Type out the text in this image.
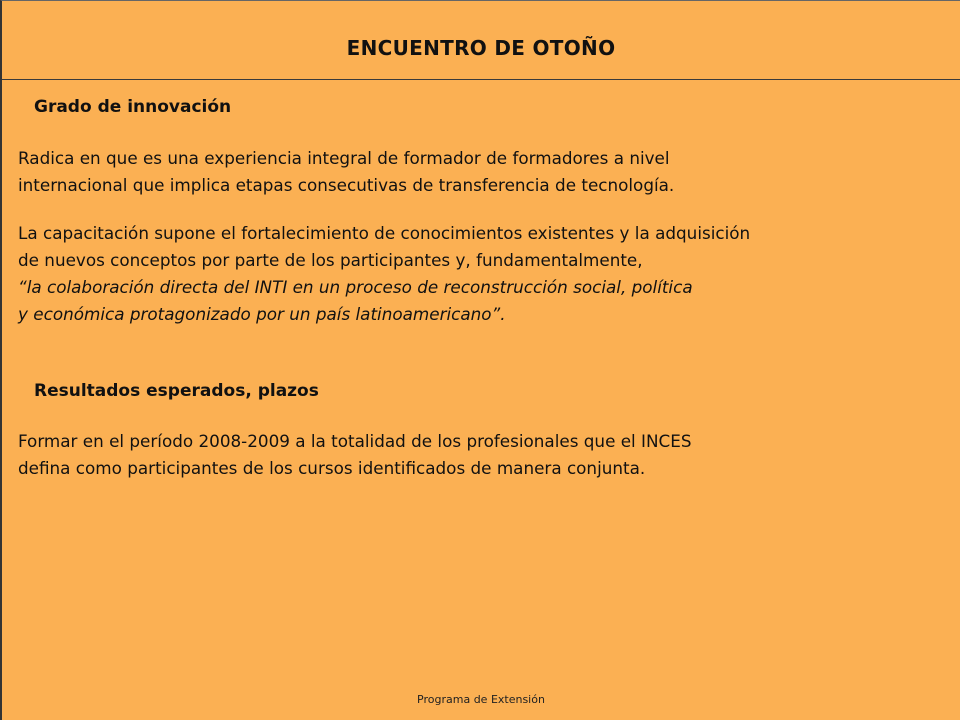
ENCUENTRO DE OTOÑO
Grado de innovación
Radica en que es una experiencia integral de formador de formadores a nivel
internacional que implica etapas consecutivas de transferencia de tecnología.
La capacitación supone el fortalecimiento de conocimientos existentes y la adquisición
de nuevos conceptos por parte de los participantes y, fundamentalmente,
“la colaboración directa del INTI en un proceso de reconstrucción social, política
y económica protagonizado por un país latinoamericano”.
Resultados esperados, plazos
Formar en el período 2008-2009 a la totalidad de los profesionales que el INCES
defina como participantes de los cursos identificados de manera conjunta.
Programa de Extensión
